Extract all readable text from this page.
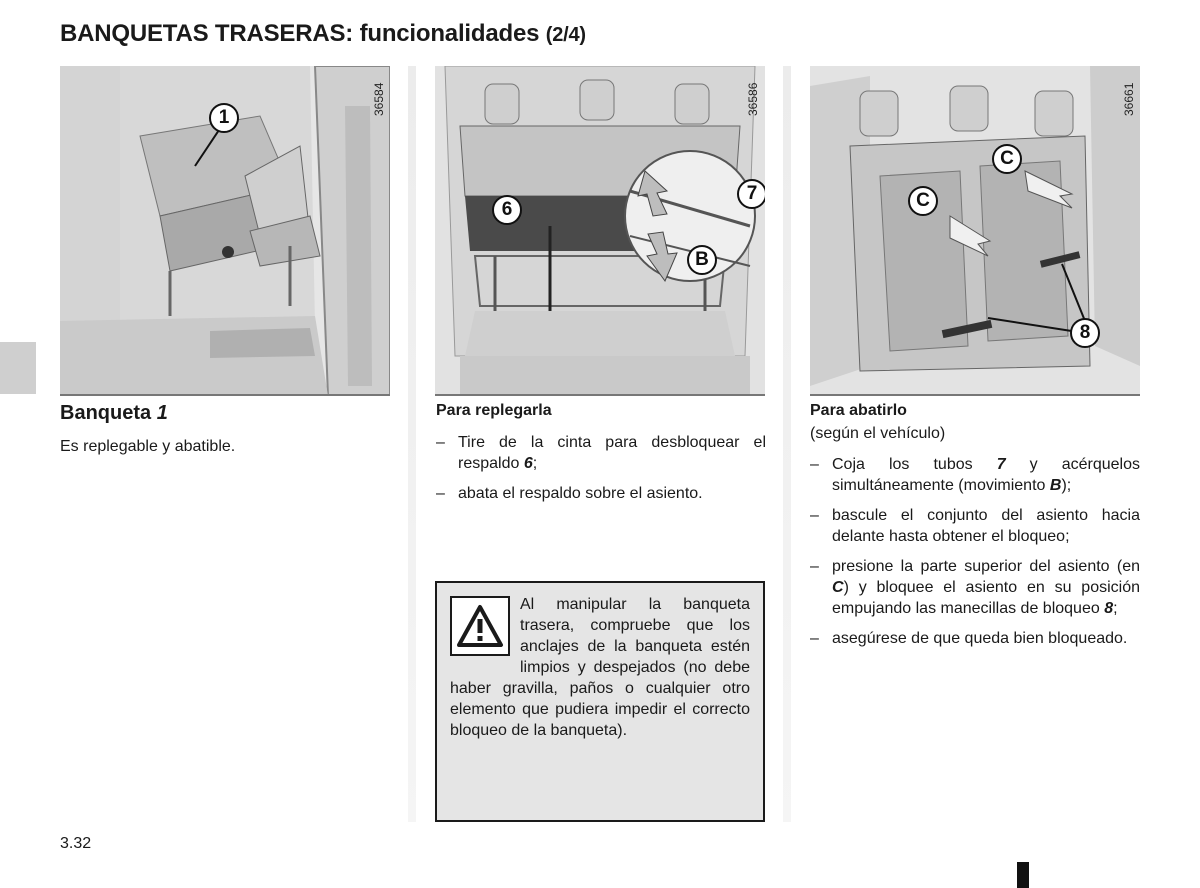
BANQUETAS TRASERAS: funcionalidades (2/4)
1
36584
6
7
B
36586
C
C
8
36661
Banqueta 1
Es replegable y abatible.
Para replegarla
– Tire de la cinta para desbloquear el respaldo 6;
– abata el respaldo sobre el asiento.
Al manipular la banqueta trasera, compruebe que los anclajes de la banqueta estén limpios y despejados (no debe haber gravilla, paños o cualquier otro elemento que pudiera impedir el correcto bloqueo de la banqueta).
Para abatirlo
(según el vehículo)
– Coja los tubos 7 y acérquelos simultáneamente (movimiento B);
– bascule el conjunto del asiento hacia delante hasta obtener el bloqueo;
– presione la parte superior del asiento (en C) y bloquee el asiento en su posición empujando las manecillas de bloqueo 8;
– asegúrese de que queda bien bloqueado.
3.32
